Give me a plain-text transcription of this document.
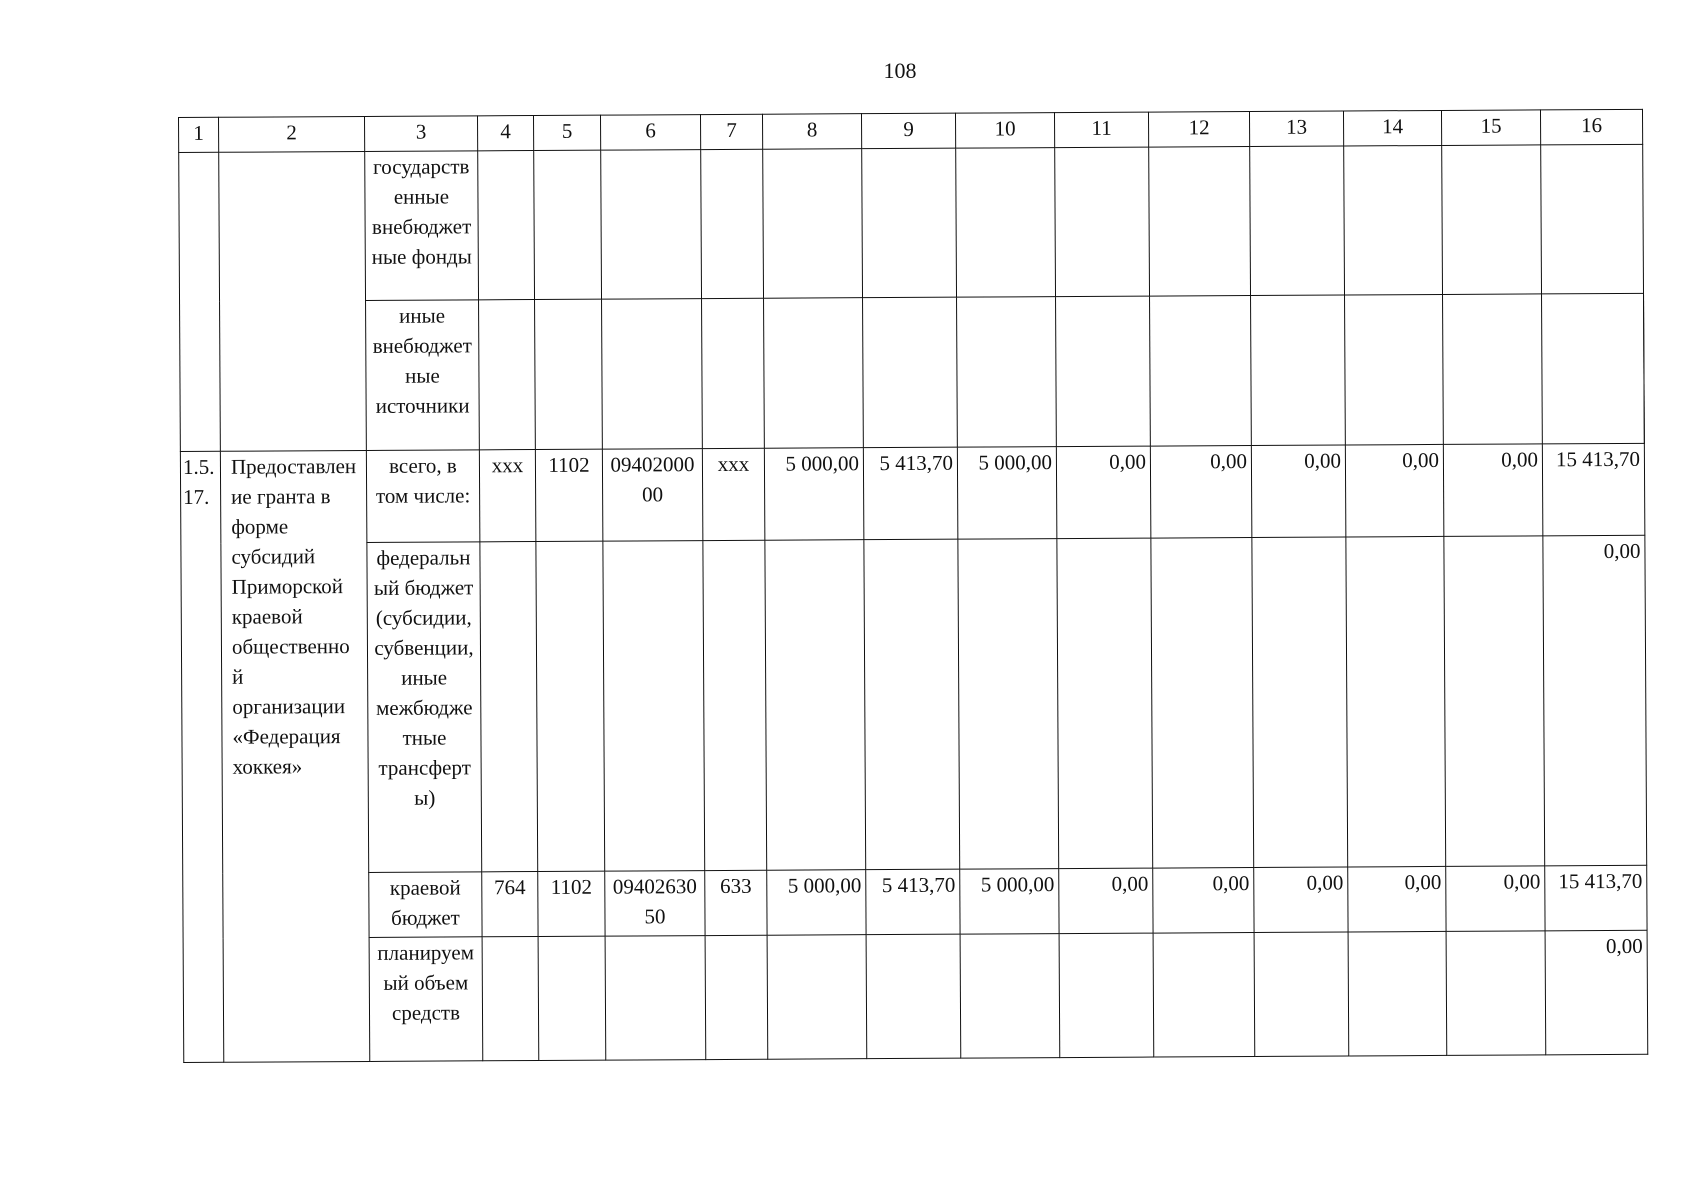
108
1	2	3	4	5	6	7	8	9	10	11	12	13	14	15	16	

		государственные внебюджетные фонды														

		иные внебюджетные источники

1.5.17.	Предоставление гранта в форме субсидий Приморской краевой общественной организации «Федерация хоккея»	всего, в том числе:	ххх	1102	0940200000	ххх	5 000,00	5 413,70	5 000,00	0,00	0,00	0,00	0,00	0,00	15 413,70	

		федеральный бюджет (субсидии, субвенции, иные межбюджетные трансферты)													0,00	

		краевой бюджет	764	1102	0940263050	633	5 000,00	5 413,70	5 000,00	0,00	0,00	0,00	0,00	0,00	15 413,70	

		планируемый объем средств													0,00	
